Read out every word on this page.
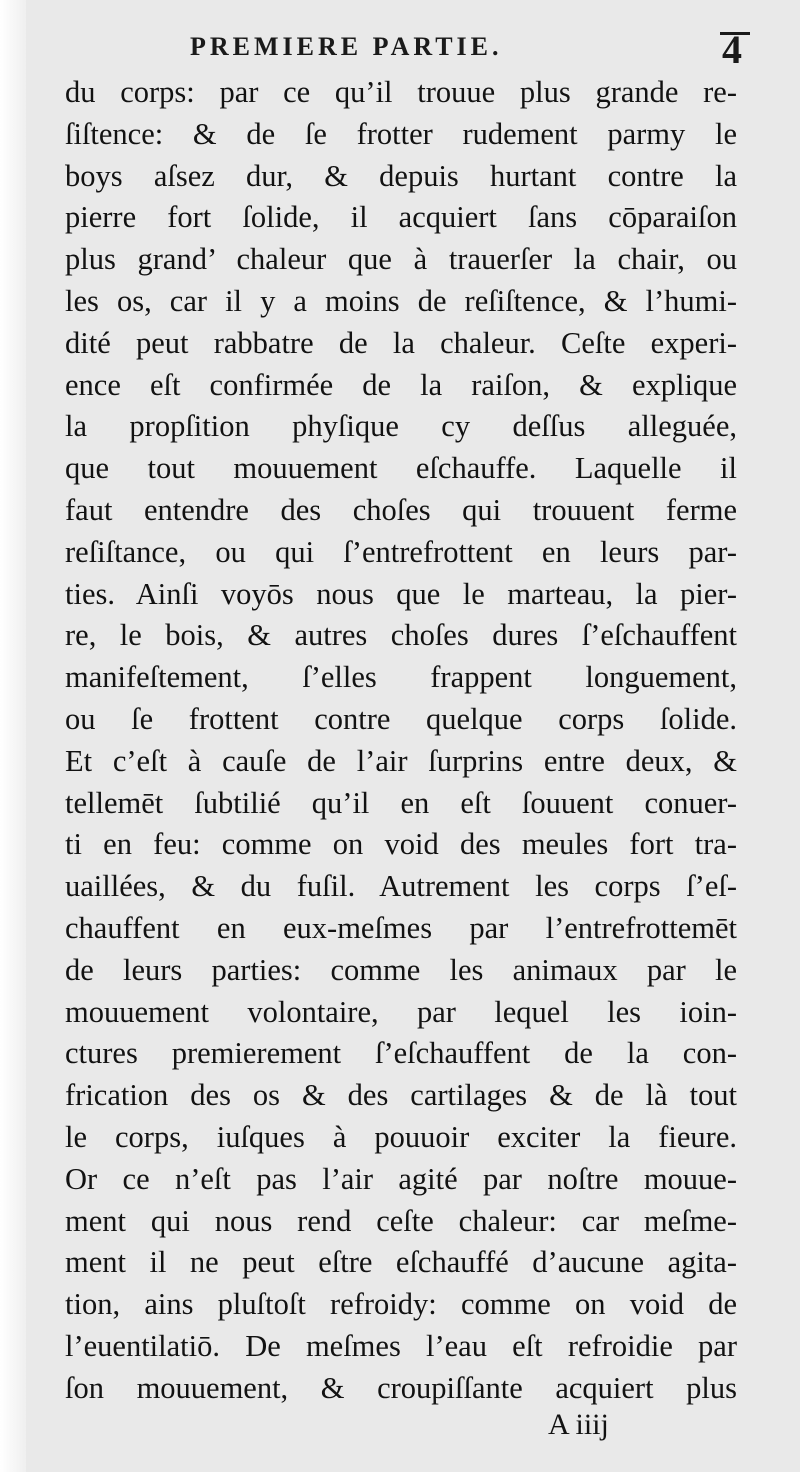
PREMIERE PARTIE.	4
du corps: par ce qu’il trouue plus grande re-
ſiſtence: & de ſe frotter rudement parmy le
boys aſsez dur, & depuis hurtant contre la
pierre fort ſolide, il acquiert ſans cōparaiſon
plus grand’ chaleur que à trauerſer la chair, ou
les os, car il y a moins de reſiſtence, & l’humi-
dité peut rabbatre de la chaleur. Ceſte experi-
ence eſt confirmée de la raiſon, & explique
la propſition phyſique cy deſſus alleguée,
que tout mouuement eſchauffe. Laquelle il
faut entendre des choſes qui trouuent ferme
reſiſtance, ou qui ſ’entrefrottent en leurs par-
ties. Ainſi voyōs nous que le marteau, la pier-
re, le bois, & autres choſes dures ſ’eſchauffent
manifeſtement, ſ’elles frappent longuement,
ou ſe frottent contre quelque corps ſolide.
Et c’eſt à cauſe de l’air ſurprins entre deux, &
tellemēt ſubtilié qu’il en eſt ſouuent conuer-
ti en feu: comme on void des meules fort tra-
uaillées, & du fuſil. Autrement les corps ſ’eſ-
chauffent en eux-meſmes par l’entrefrottemēt
de leurs parties: comme les animaux par le
mouuement volontaire, par lequel les ioin-
ctures premierement ſ’eſchauffent de la con-
frication des os & des cartilages & de là tout
le corps, iuſques à pouuoir exciter la fieure.
Or ce n’eſt pas l’air agité par noſtre mouue-
ment qui nous rend ceſte chaleur: car meſme-
ment il ne peut eſtre eſchauffé d’aucune agita-
tion, ains pluſtoſt refroidy: comme on void de
l’euentilatiō. De meſmes l’eau eſt refroidie par
ſon mouuement, & croupiſſante acquiert plus
A iiij
